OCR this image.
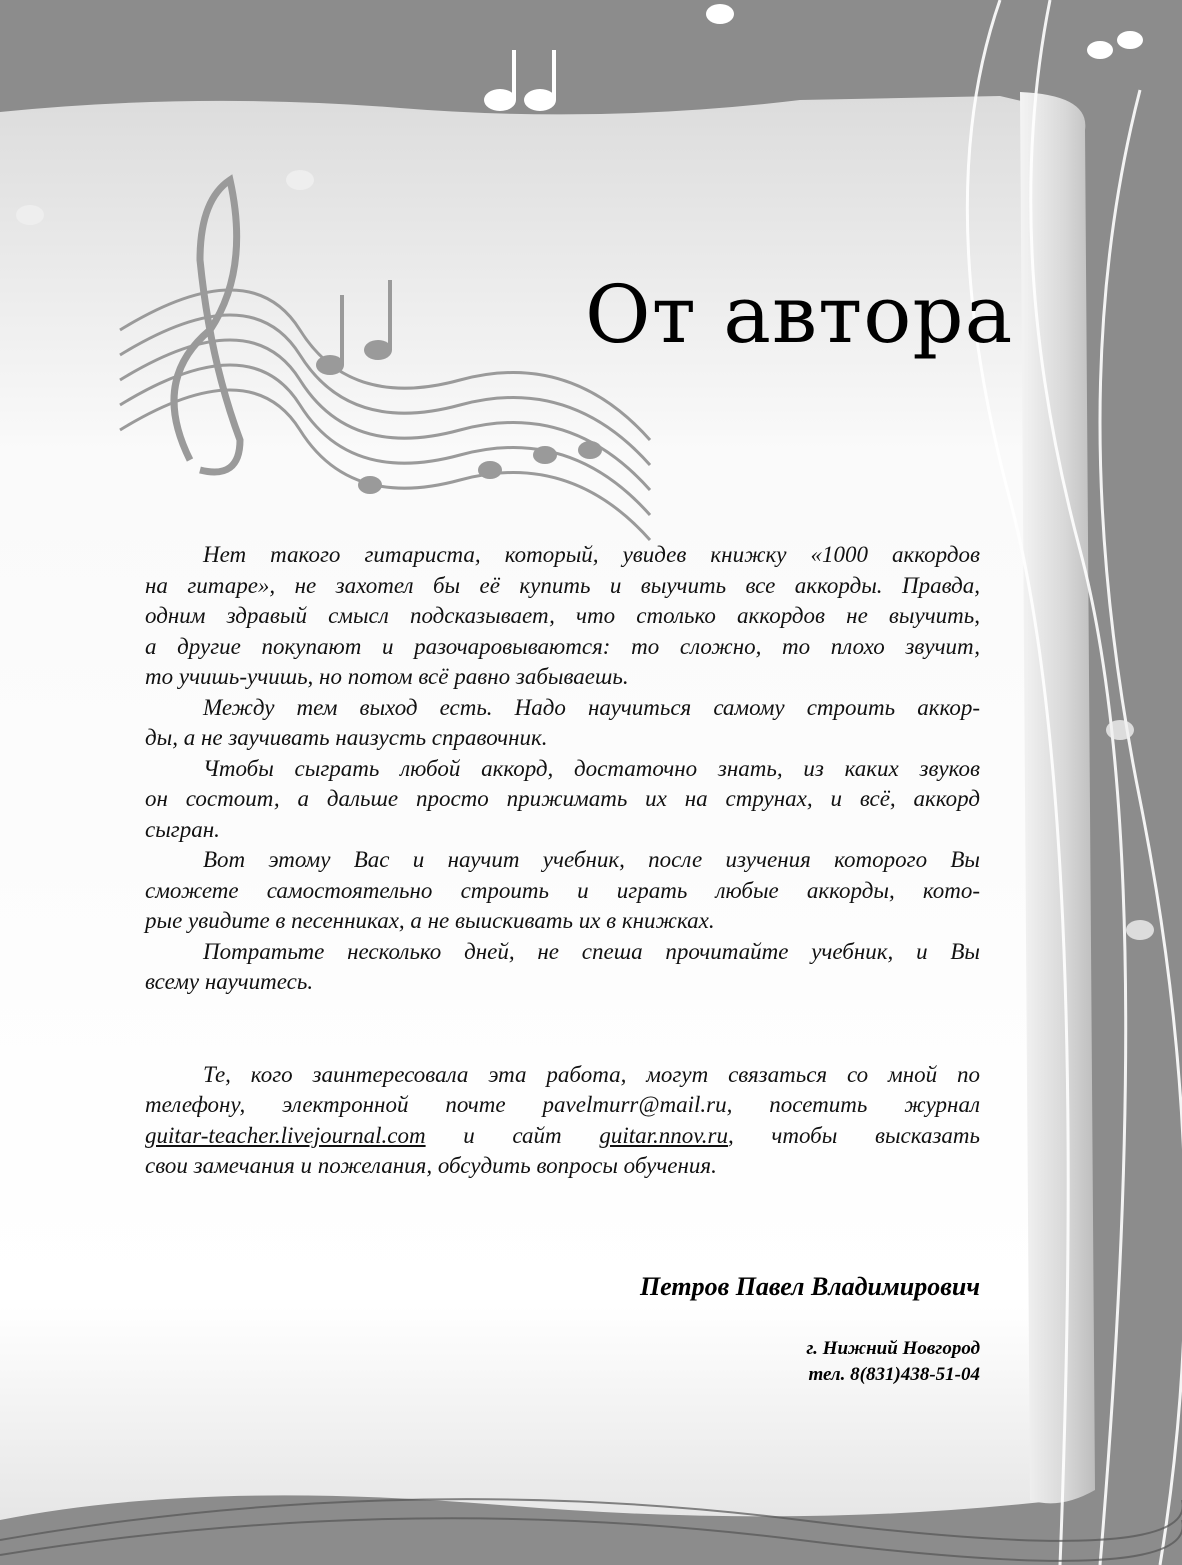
От автора
Нет такого гитариста, который, увидев книжку «1000 аккордов
на гитаре», не захотел бы её купить и выучить все аккорды. Правда,
одним здравый смысл подсказывает, что столько аккордов не выучить,
а другие покупают и разочаровываются: то сложно, то плохо звучит,
то учишь-учишь, но потом всё равно забываешь.
Между тем выход есть. Надо научиться самому строить аккор-
ды, а не заучивать наизусть справочник.
Чтобы сыграть любой аккорд, достаточно знать, из каких звуков
он состоит, а дальше просто прижимать их на струнах, и всё, аккорд
сыгран.
Вот этому Вас и научит учебник, после изучения которого Вы
сможете самостоятельно строить и играть любые аккорды, кото-
рые увидите в песенниках, а не выискивать их в книжках.
Потратьте несколько дней, не спеша прочитайте учебник, и Вы
всему научитесь.
Те, кого заинтересовала эта работа, могут связаться со мной по
телефону, электронной почте pavelmurr@mail.ru, посетить журнал
guitar-teacher.livejournal.com и сайт guitar.nnov.ru, чтобы высказать
свои замечания и пожелания, обсудить вопросы обучения.
Петров Павел Владимирович
г. Нижний Новгород
тел. 8(831)438-51-04
